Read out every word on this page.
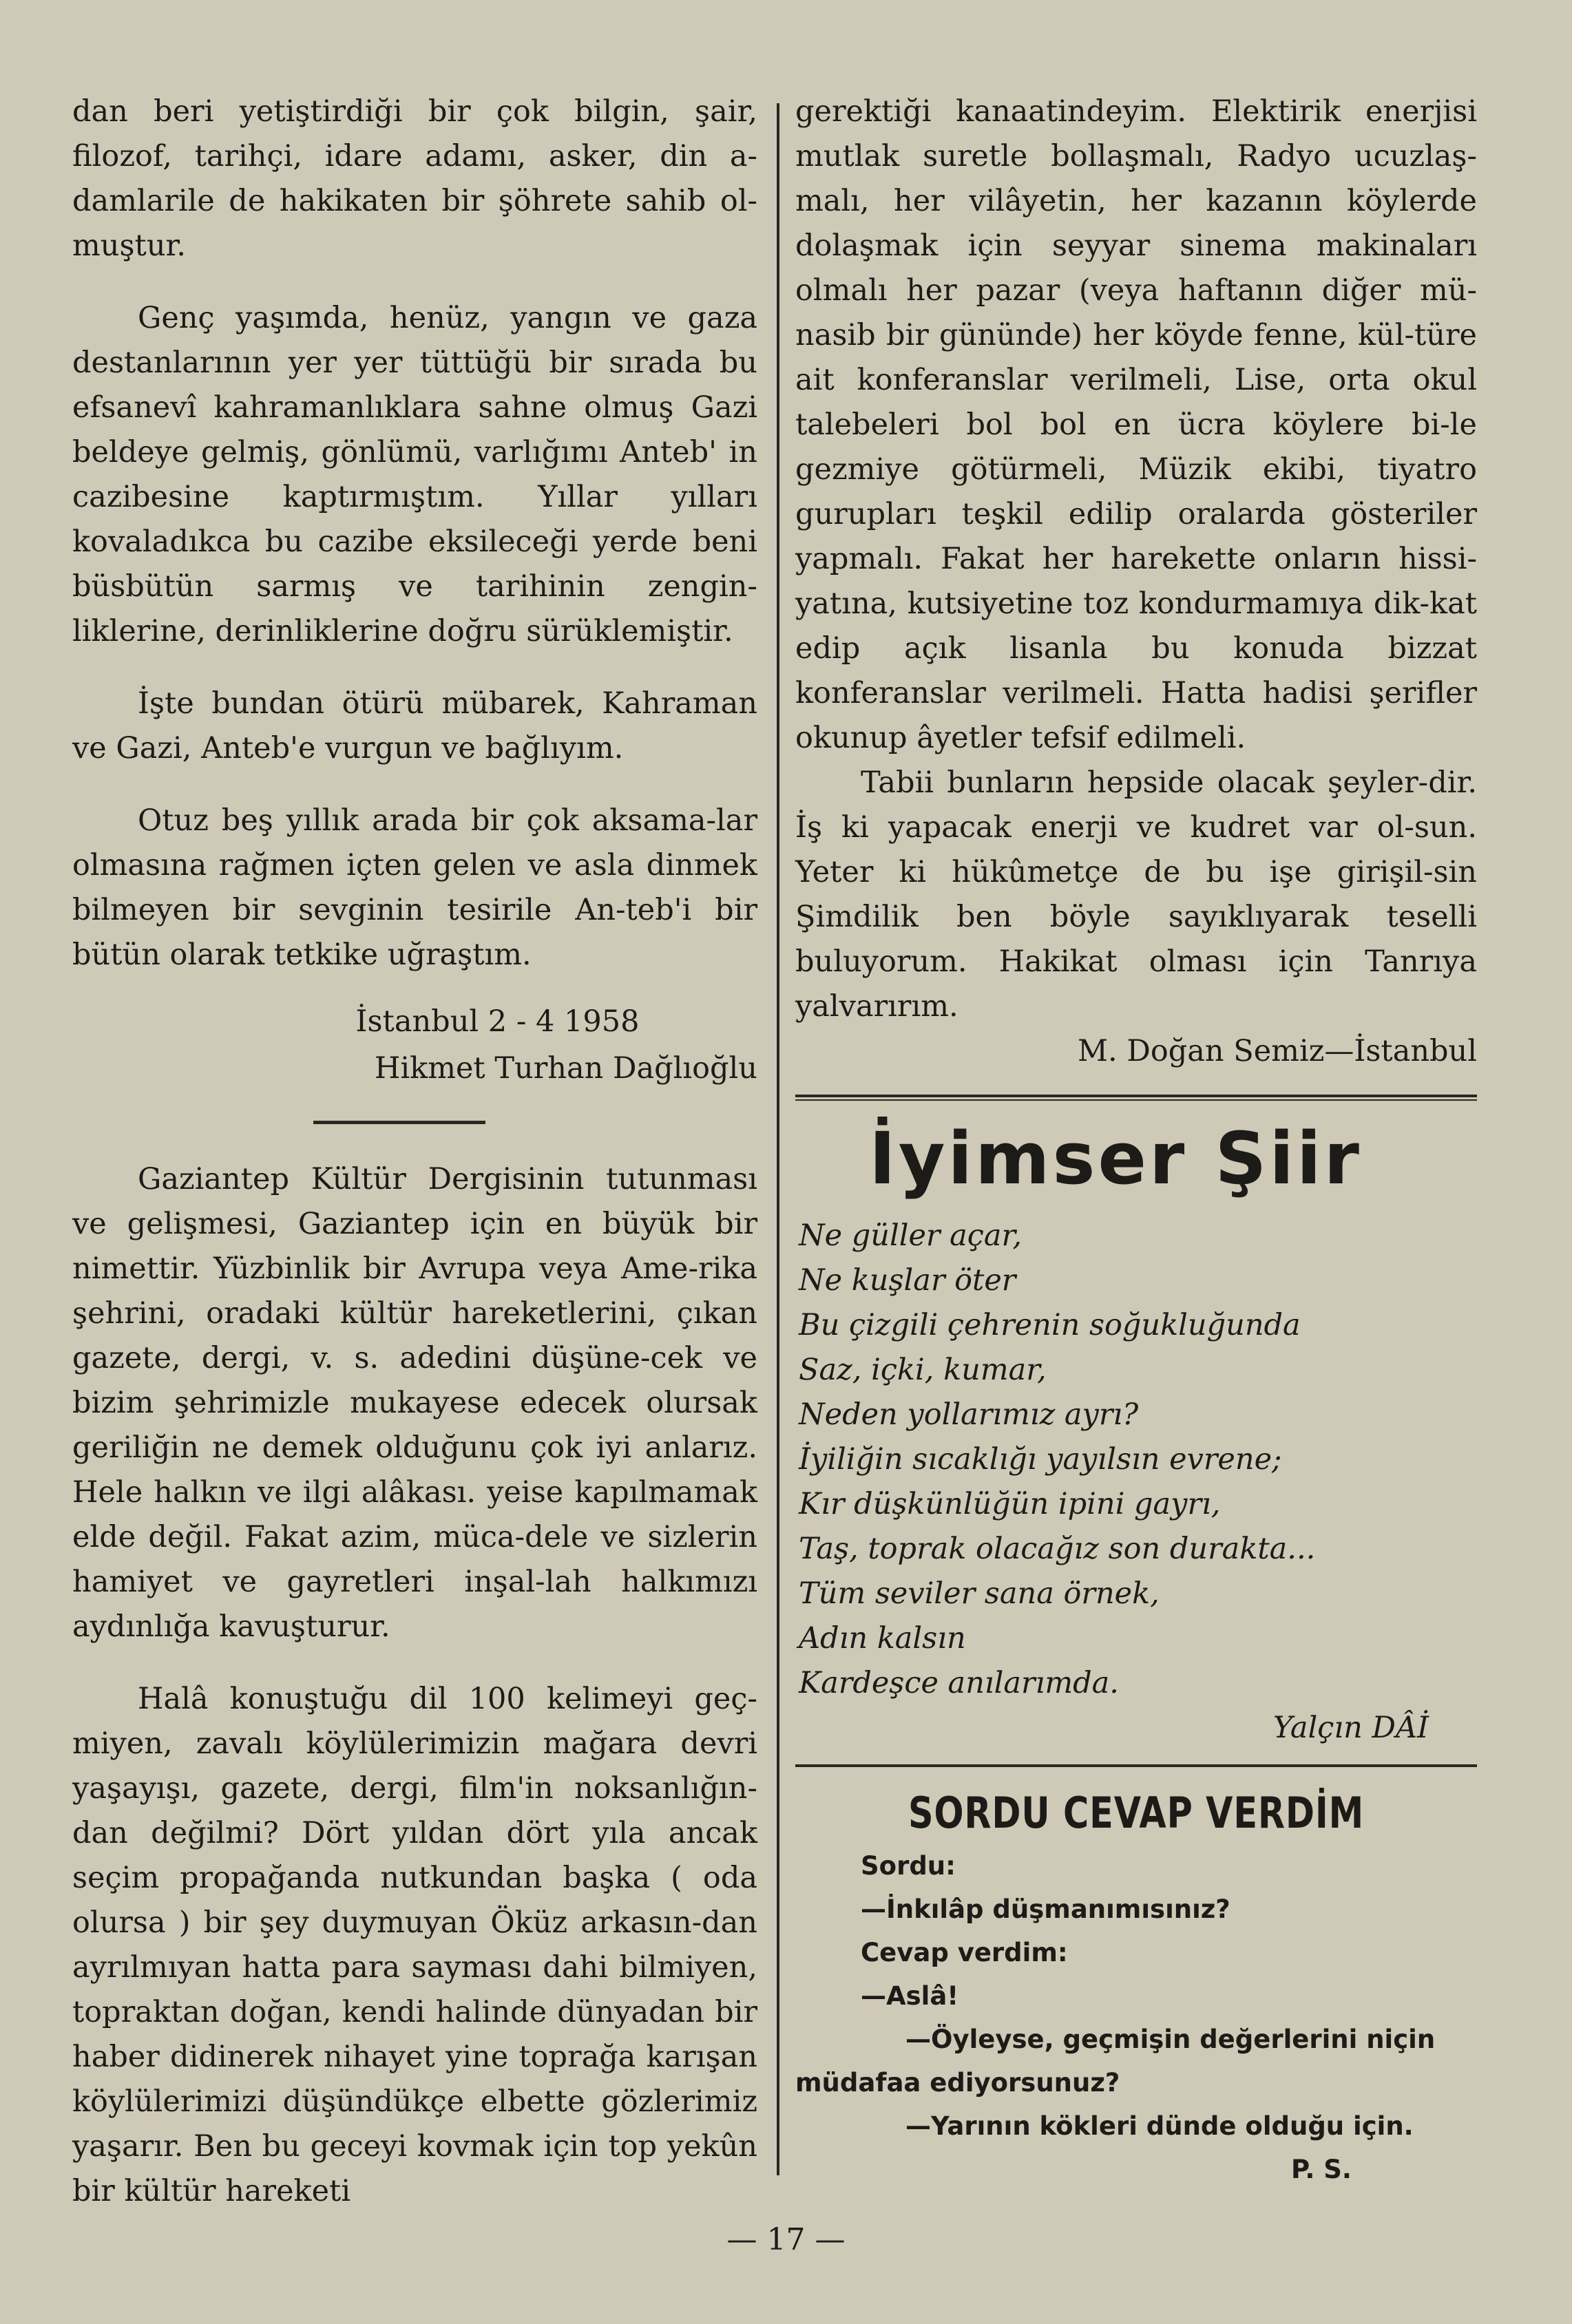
dan beri yetiştirdiği bir çok bilgin, şair, filozof, tarihçi, idare adamı, asker, din a-damlarile de hakikaten bir şöhrete sahib ol-muştur.

Genç yaşımda, henüz, yangın ve gaza destanlarının yer yer tüttüğü bir sırada bu efsanevî kahramanlıklara sahne olmuş Gazi beldeye gelmiş, gönlümü, varlığımı Anteb' in cazibesine kaptırmıştım. Yıllar yılları kovaladıkca bu cazibe eksileceği yerde beni büsbütün sarmış ve tarihinin zengin-liklerine, derinliklerine doğru sürüklemiştir.

İşte bundan ötürü mübarek, Kahraman ve Gazi, Anteb'e vurgun ve bağlıyım.

Otuz beş yıllık arada bir çok aksama-lar olmasına rağmen içten gelen ve asla dinmek bilmeyen bir sevginin tesirile An-teb'i bir bütün olarak tetkike uğraştım.

İstanbul 2 - 4 1958
Hikmet Turhan Dağlıoğlu

Gaziantep Kültür Dergisinin tutunması ve gelişmesi, Gaziantep için en büyük bir nimettir. Yüzbinlik bir Avrupa veya Ame-rika şehrini, oradaki kültür hareketlerini, çıkan gazete, dergi, v. s. adedini düşüne-cek ve bizim şehrimizle mukayese edecek olursak geriliğin ne demek olduğunu çok iyi anlarız. Hele halkın ve ilgi alâkası. yeise kapılmamak elde değil. Fakat azim, müca-dele ve sizlerin hamiyet ve gayretleri inşal-lah halkımızı aydınlığa kavuşturur.

Halâ konuştuğu dil 100 kelimeyi geç-miyen, zavalı köylülerimizin mağara devri yaşayışı, gazete, dergi, film'in noksanlığın-dan değilmi? Dört yıldan dört yıla ancak seçim propağanda nutkundan başka ( oda olursa ) bir şey duymuyan Öküz arkasın-dan ayrılmıyan hatta para sayması dahi bilmiyen, topraktan doğan, kendi halinde dünyadan bir haber didinerek nihayet yine toprağa karışan köylülerimizi düşündükçe elbette gözlerimiz yaşarır. Ben bu geceyi kovmak için top yekûn bir kültür hareketi

gerektiği kanaatindeyim. Elektirik enerjisi mutlak suretle bollaşmalı, Radyo ucuzlaş-malı, her vilâyetin, her kazanın köylerde dolaşmak için seyyar sinema makinaları olmalı her pazar (veya haftanın diğer mü-nasib bir gününde) her köyde fenne, kül-türe ait konferanslar verilmeli, Lise, orta okul talebeleri bol bol en ücra köylere bi-le gezmiye götürmeli, Müzik ekibi, tiyatro gurupları teşkil edilip oralarda gösteriler yapmalı. Fakat her harekette onların hissi-yatına, kutsiyetine toz kondurmamıya dik-kat edip açık lisanla bu konuda bizzat konferanslar verilmeli. Hatta hadisi şerifler okunup âyetler tefsif edilmeli.

Tabii bunların hepside olacak şeyler-dir. İş ki yapacak enerji ve kudret var ol-sun. Yeter ki hükûmetçe de bu işe girişil-sin Şimdilik ben böyle sayıklıyarak teselli buluyorum. Hakikat olması için Tanrıya yalvarırım.

M. Doğan Semiz—İstanbul
İyimser Şiir

Ne güller açar,

Ne kuşlar öter

Bu çizgili çehrenin soğukluğunda

Saz, içki, kumar,

Neden yollarımız ayrı?

İyiliğin sıcaklığı yayılsın evrene;

Kır düşkünlüğün ipini gayrı,

Taş, toprak olacağız son durakta...

Tüm seviler sana örnek,

Adın kalsın

Kardeşce anılarımda.

Yalçın DÂİ
SORDU CEVAP VERDİM

Sordu:

—İnkılâp düşmanımısınız?

Cevap verdim:

—Aslâ!

—Öyleyse, geçmişin değerlerini niçin

müdafaa ediyorsunuz?

—Yarının kökleri dünde olduğu için.

P. S.
— 17 —
